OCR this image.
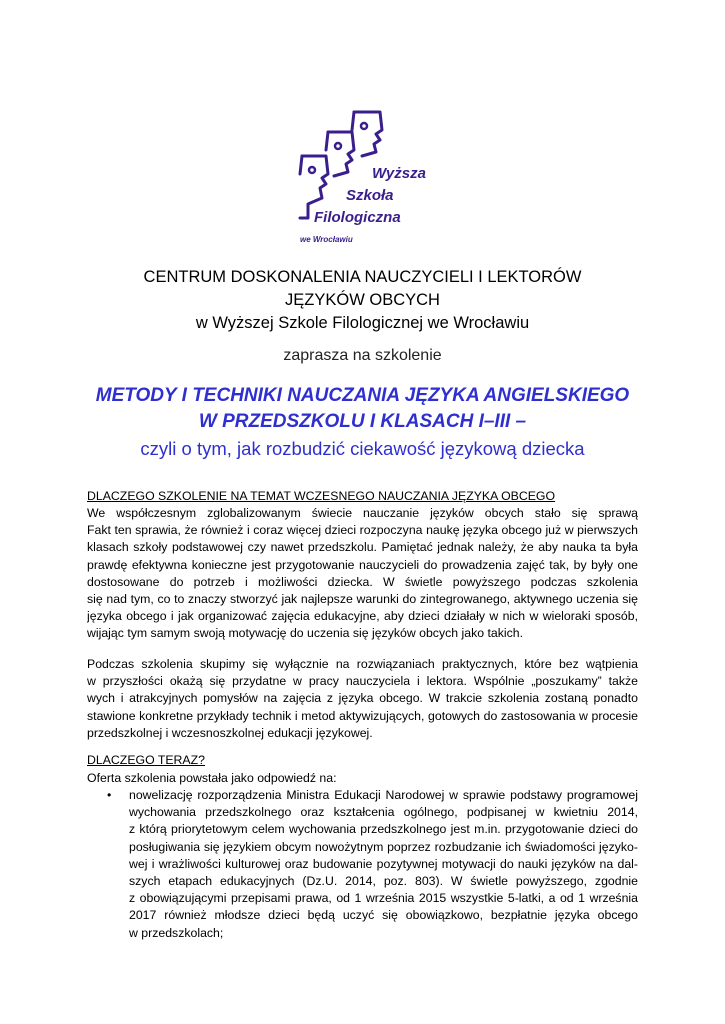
Wyższa
Szkoła
Filologiczna
we Wrocławiu
CENTRUM DOSKONALENIA NAUCZYCIELI I LEKTORÓW
JĘZYKÓW OBCYCH
w Wyższej Szkole Filologicznej we Wrocławiu
zaprasza na szkolenie
METODY I TECHNIKI NAUCZANIA JĘZYKA ANGIELSKIEGO
W PRZEDSZKOLU I KLASACH I–III –
czyli o tym, jak rozbudzić ciekawość językową dziecka
DLACZEGO SZKOLENIE NA TEMAT WCZESNEGO NAUCZANIA JĘZYKA OBCEGO
We współczesnym zglobalizowanym świecie nauczanie języków obcych stało się sprawą
Fakt ten sprawia, że również i coraz więcej dzieci rozpoczyna naukę języka obcego już w pierwszych
klasach szkoły podstawowej czy nawet przedszkolu. Pamiętać jednak należy, że aby nauka ta była
prawdę efektywna konieczne jest przygotowanie nauczycieli do prowadzenia zajęć tak, by były one
dostosowane do potrzeb i możliwości dziecka. W świetle powyższego podczas szkolenia
się nad tym, co to znaczy stworzyć jak najlepsze warunki do zintegrowanego, aktywnego uczenia się
języka obcego i jak organizować zajęcia edukacyjne, aby dzieci działały w nich w wieloraki sposób,
wijając tym samym swoją motywację do uczenia się języków obcych jako takich.
Podczas szkolenia skupimy się wyłącznie na rozwiązaniach praktycznych, które bez wątpienia
w przyszłości okażą się przydatne w pracy nauczyciela i lektora. Wspólnie „poszukamy” także
wych i atrakcyjnych pomysłów na zajęcia z języka obcego. W trakcie szkolenia zostaną ponadto
stawione konkretne przykłady technik i metod aktywizujących, gotowych do zastosowania w procesie
przedszkolnej i wczesnoszkolnej edukacji językowej.
DLACZEGO TERAZ?
Oferta szkolenia powstała jako odpowiedź na:
• nowelizację rozporządzenia Ministra Edukacji Narodowej w sprawie podstawy programowej
wychowania przedszkolnego oraz kształcenia ogólnego, podpisanej w kwietniu 2014,
z którą priorytetowym celem wychowania przedszkolnego jest m.in. przygotowanie dzieci do
posługiwania się językiem obcym nowożytnym poprzez rozbudzanie ich świadomości języko-
wej i wrażliwości kulturowej oraz budowanie pozytywnej motywacji do nauki języków na dal-
szych etapach edukacyjnych (Dz.U. 2014, poz. 803). W świetle powyższego, zgodnie
z obowiązującymi przepisami prawa, od 1 września 2015 wszystkie 5-latki, a od 1 września
2017 również młodsze dzieci będą uczyć się obowiązkowo, bezpłatnie języka obcego
w przedszkolach;
